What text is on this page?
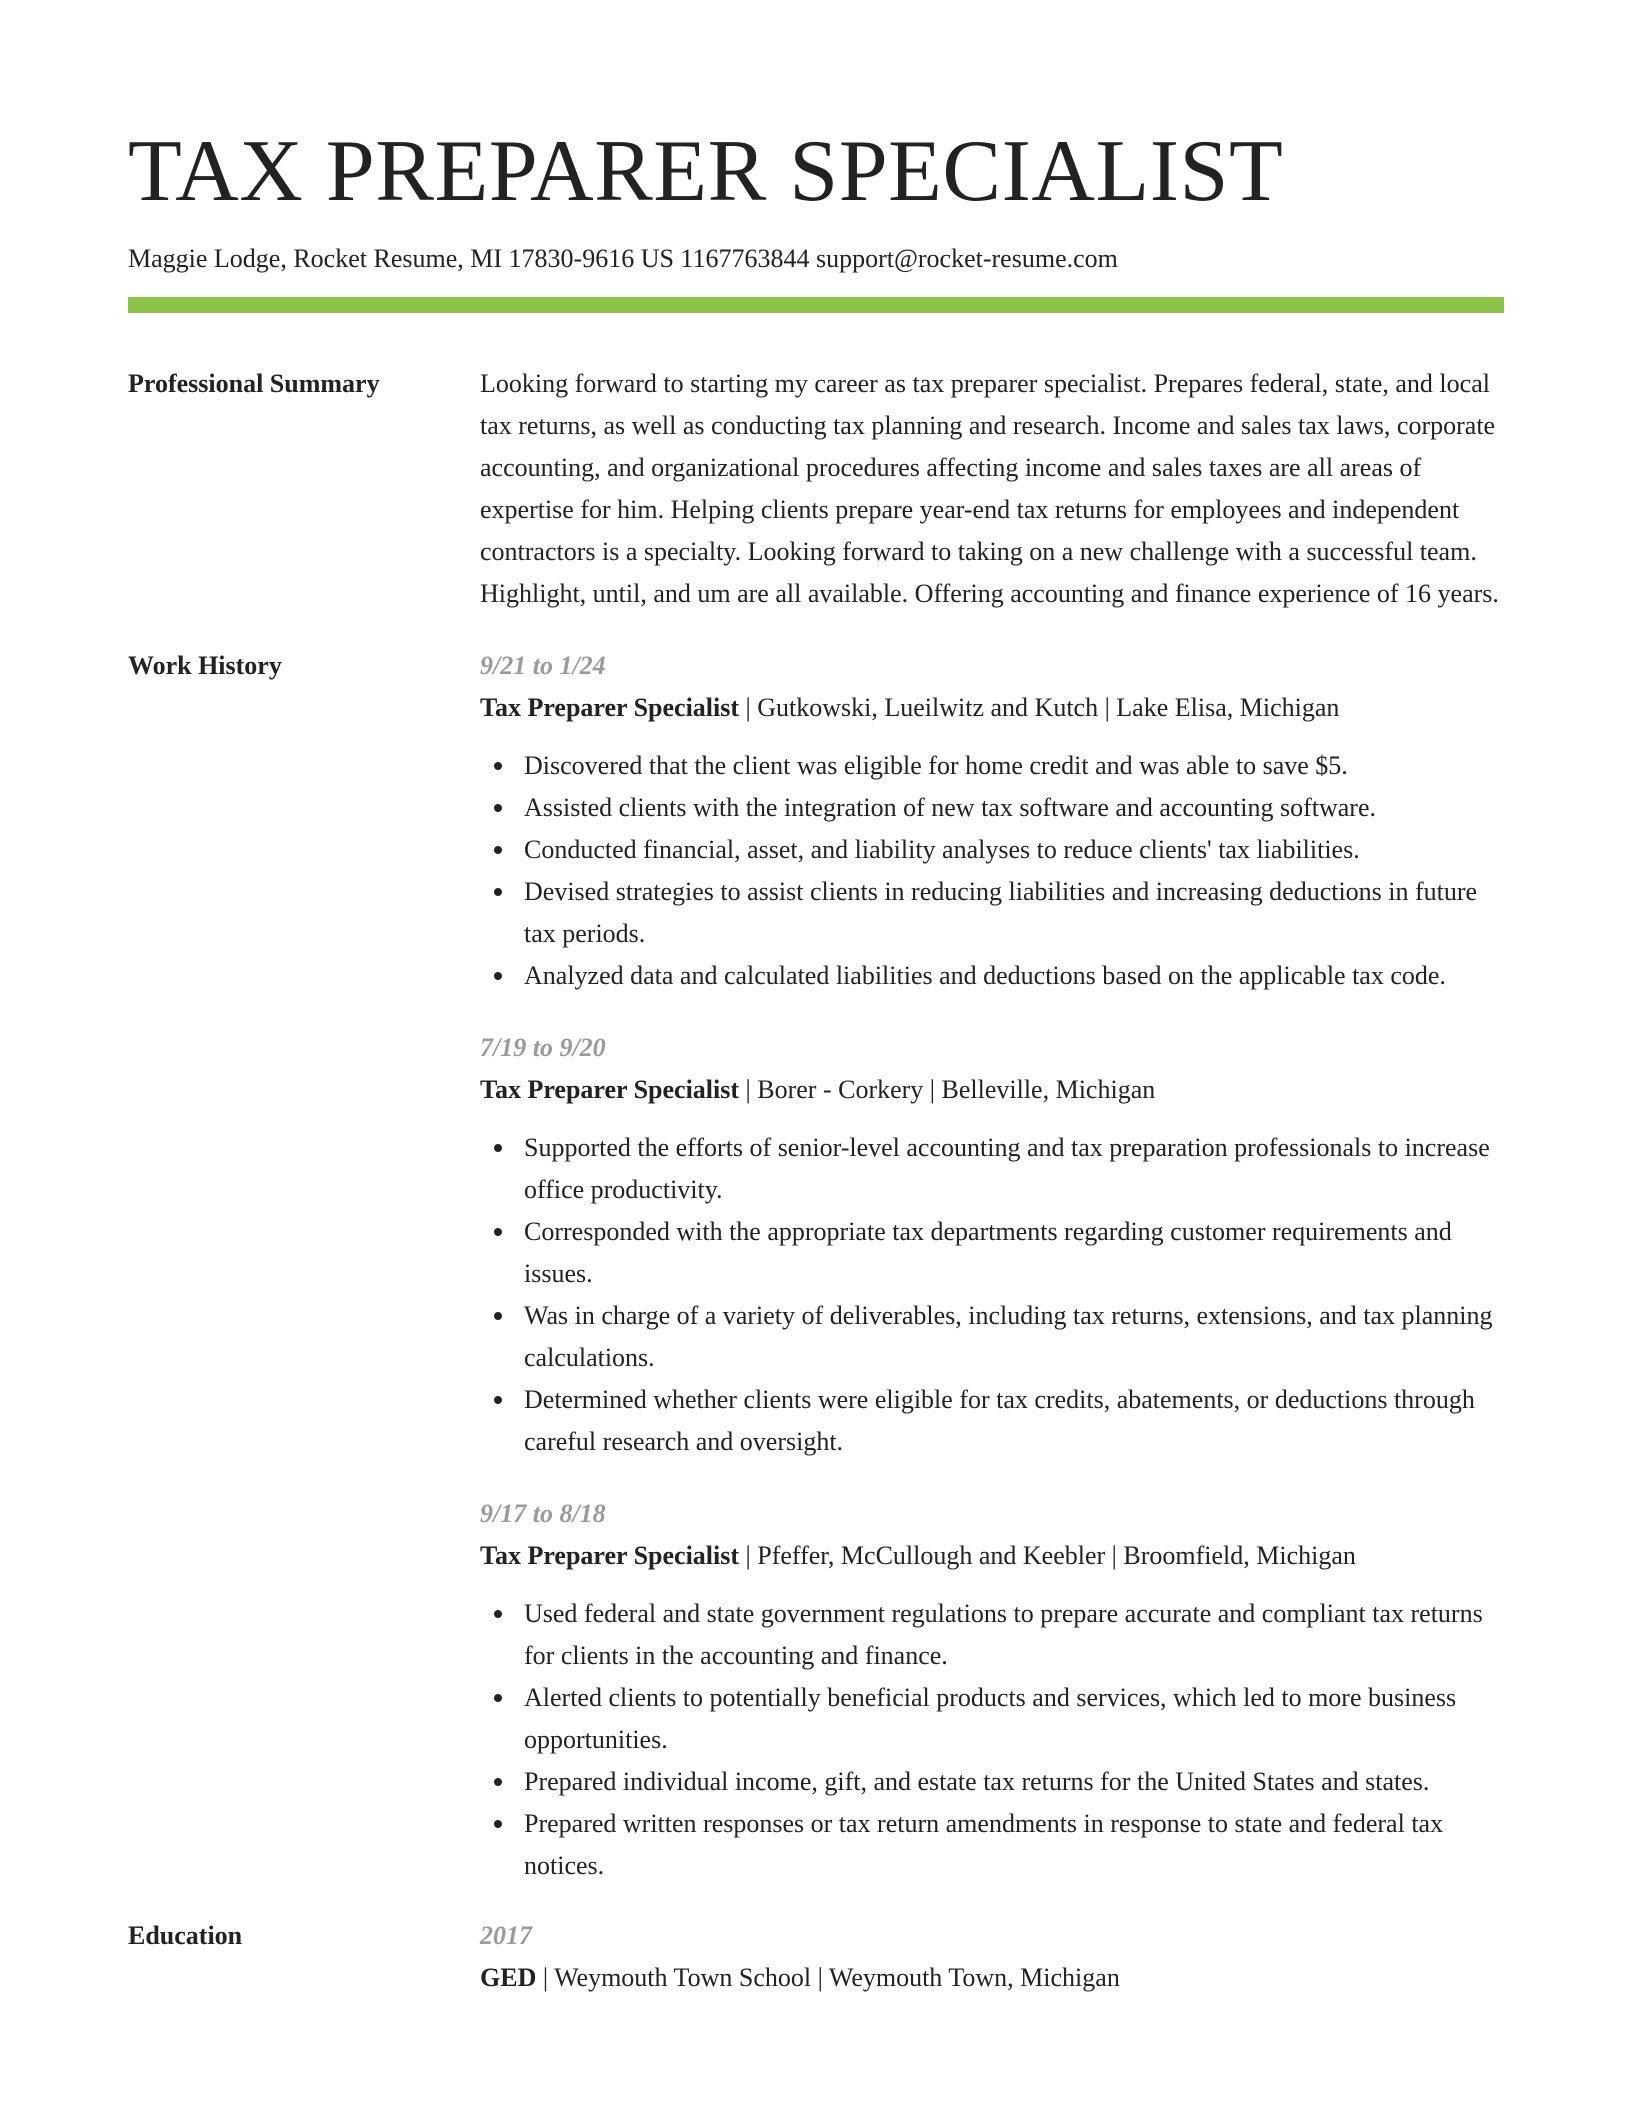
TAX PREPARER SPECIALIST
Maggie Lodge, Rocket Resume, MI 17830-9616 US 1167763844 support@rocket-resume.com
Professional Summary	Looking forward to starting my career as tax preparer specialist. Prepares federal, state, and local tax returns, as well as conducting tax planning and research. Income and sales tax laws, corporate accounting, and organizational procedures affecting income and sales taxes are all areas of expertise for him. Helping clients prepare year-end tax returns for employees and independent contractors is a specialty. Looking forward to taking on a new challenge with a successful team. Highlight, until, and um are all available. Offering accounting and finance experience of 16 years.

Work History	9/21 to 1/24
Tax Preparer Specialist | Gutkowski, Lueilwitz and Kutch | Lake Elisa, Michigan
Discovered that the client was eligible for home credit and was able to save $5.
Assisted clients with the integration of new tax software and accounting software.
Conducted financial, asset, and liability analyses to reduce clients' tax liabilities.
Devised strategies to assist clients in reducing liabilities and increasing deductions in future tax periods.
Analyzed data and calculated liabilities and deductions based on the applicable tax code.
7/19 to 9/20
Tax Preparer Specialist | Borer - Corkery | Belleville, Michigan
Supported the efforts of senior-level accounting and tax preparation professionals to increase office productivity.
Corresponded with the appropriate tax departments regarding customer requirements and issues.
Was in charge of a variety of deliverables, including tax returns, extensions, and tax planning calculations.
Determined whether clients were eligible for tax credits, abatements, or deductions through careful research and oversight.
9/17 to 8/18
Tax Preparer Specialist | Pfeffer, McCullough and Keebler | Broomfield, Michigan
Used federal and state government regulations to prepare accurate and compliant tax returns for clients in the accounting and finance.
Alerted clients to potentially beneficial products and services, which led to more business opportunities.
Prepared individual income, gift, and estate tax returns for the United States and states.
Prepared written responses or tax return amendments in response to state and federal tax notices.
Education	2017
GED | Weymouth Town School | Weymouth Town, Michigan
